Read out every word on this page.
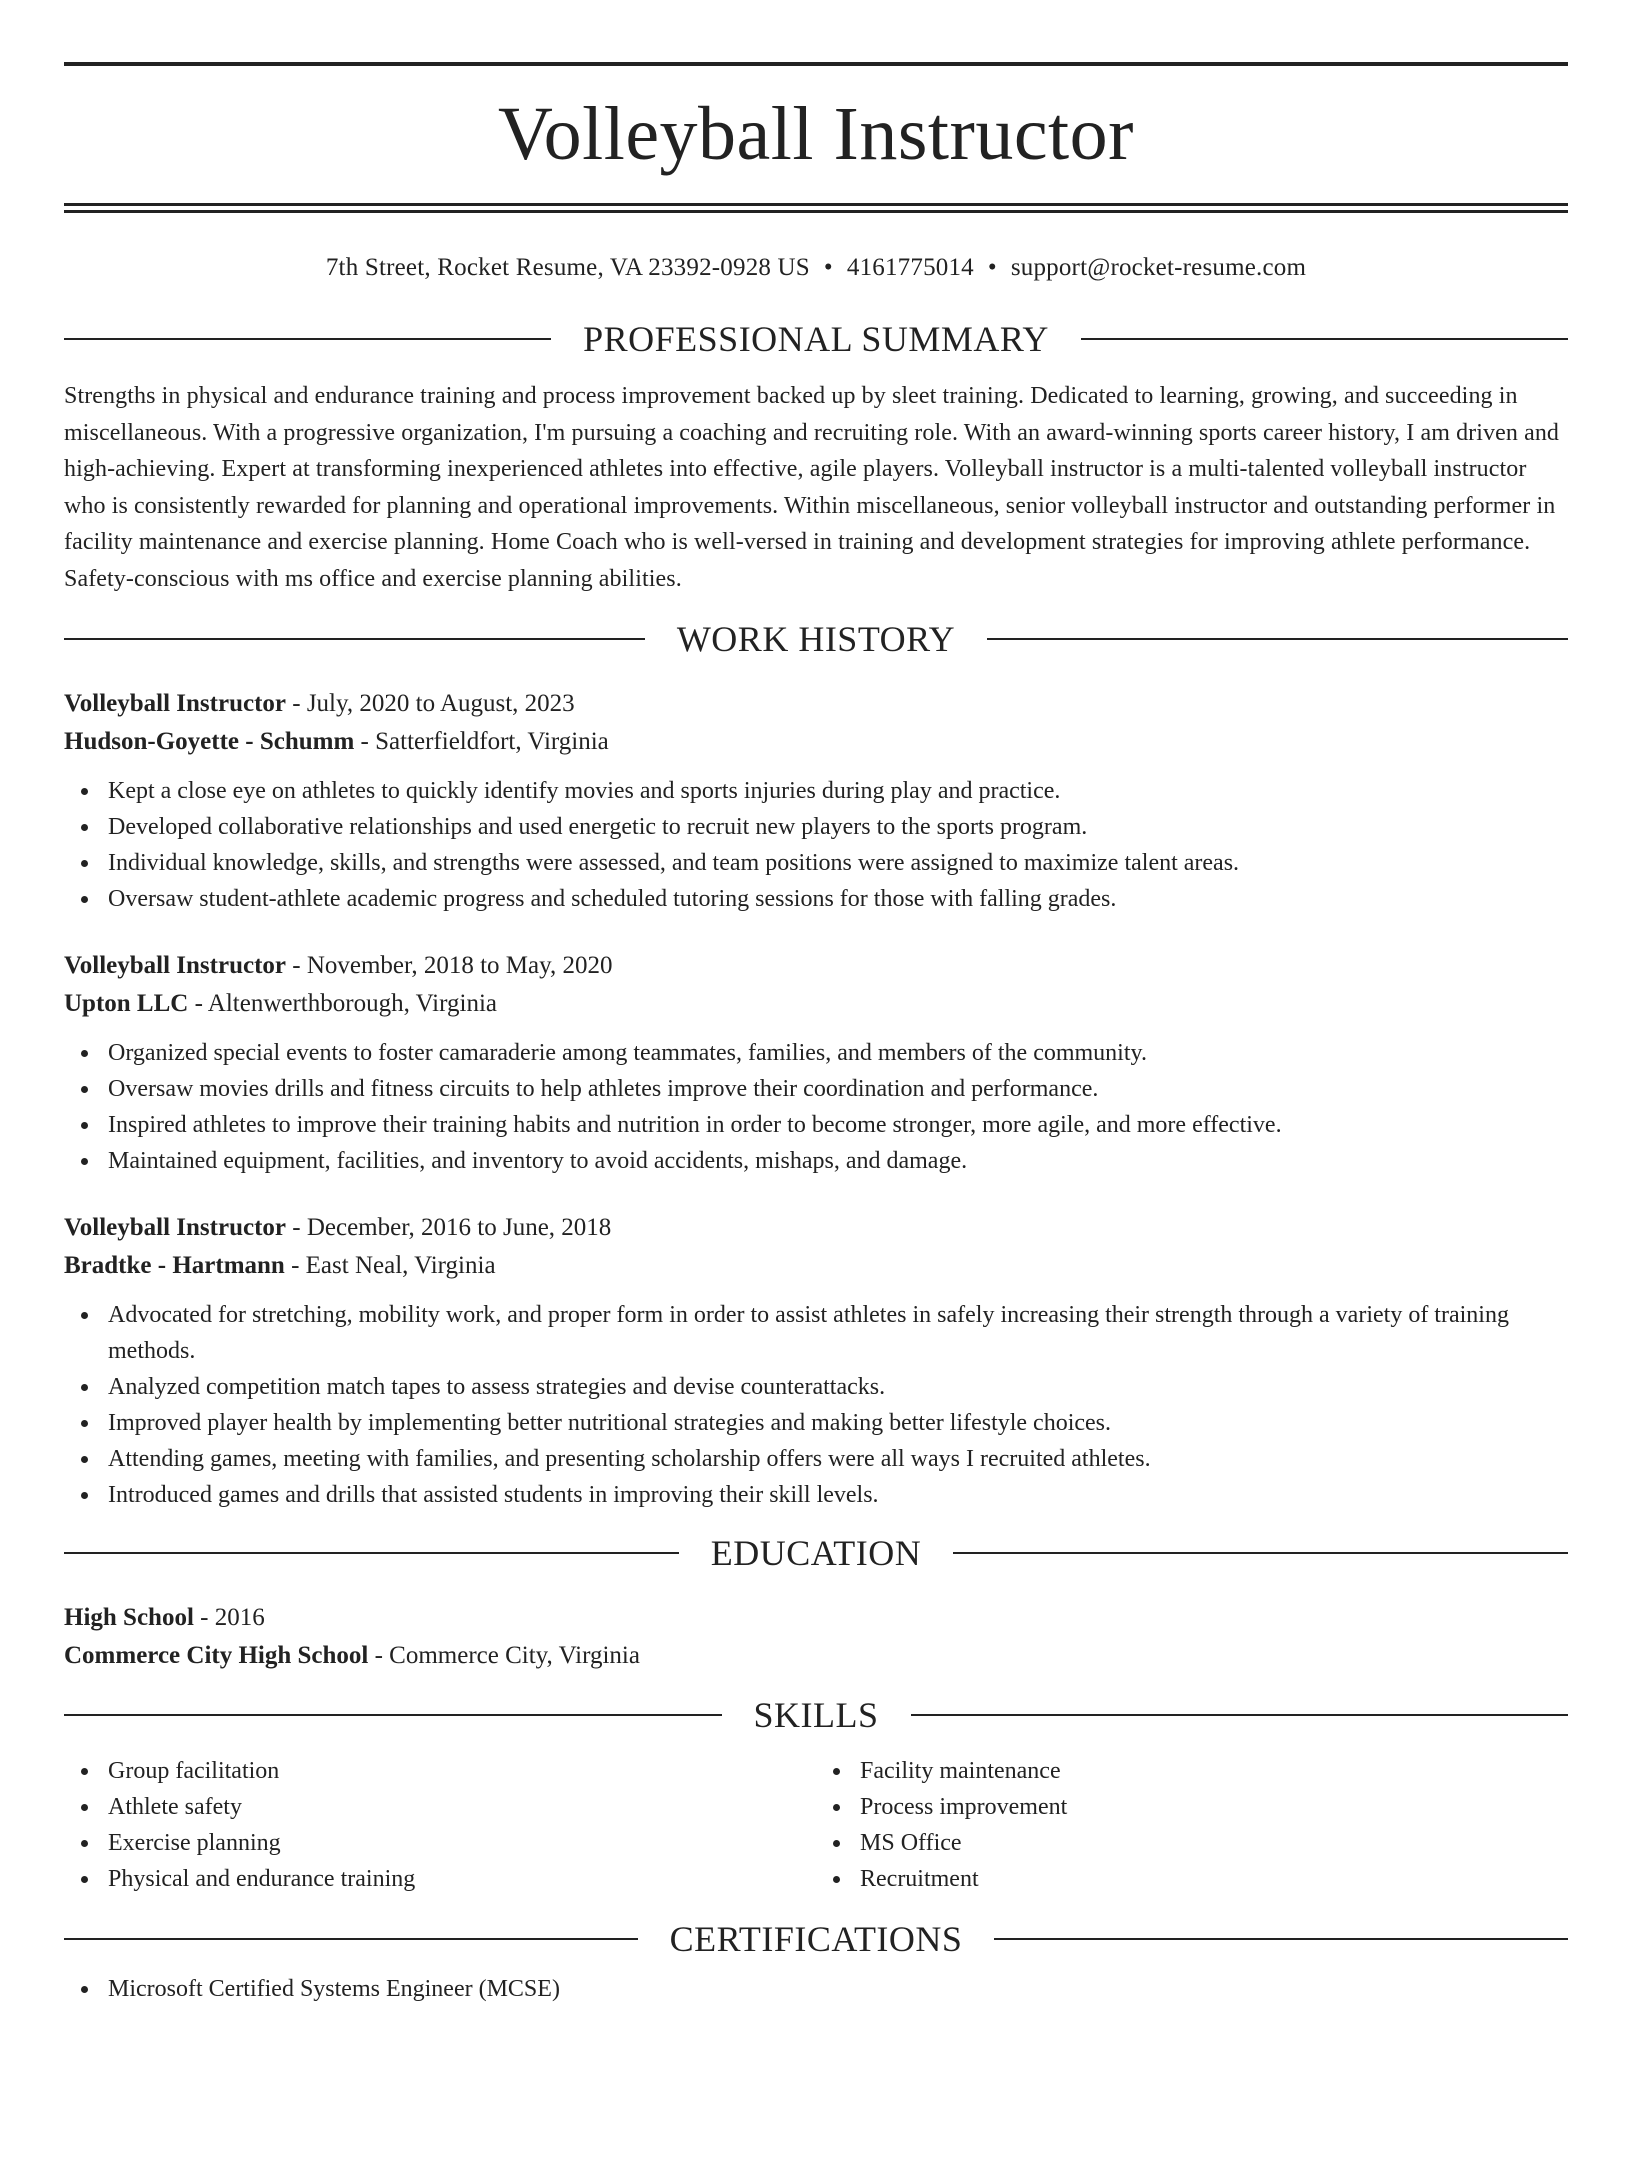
Volleyball Instructor
7th Street, Rocket Resume, VA 23392-0928 US • 4161775014 • support@rocket-resume.com
PROFESSIONAL SUMMARY
Strengths in physical and endurance training and process improvement backed up by sleet training. Dedicated to learning, growing, and succeeding in miscellaneous. With a progressive organization, I'm pursuing a coaching and recruiting role. With an award-winning sports career history, I am driven and high-achieving. Expert at transforming inexperienced athletes into effective, agile players. Volleyball instructor is a multi-talented volleyball instructor who is consistently rewarded for planning and operational improvements. Within miscellaneous, senior volleyball instructor and outstanding performer in facility maintenance and exercise planning. Home Coach who is well-versed in training and development strategies for improving athlete performance. Safety-conscious with ms office and exercise planning abilities.
WORK HISTORY
Volleyball Instructor - July, 2020 to August, 2023
Hudson-Goyette - Schumm - Satterfieldfort, Virginia
Kept a close eye on athletes to quickly identify movies and sports injuries during play and practice.
Developed collaborative relationships and used energetic to recruit new players to the sports program.
Individual knowledge, skills, and strengths were assessed, and team positions were assigned to maximize talent areas.
Oversaw student-athlete academic progress and scheduled tutoring sessions for those with falling grades.
Volleyball Instructor - November, 2018 to May, 2020
Upton LLC - Altenwerthborough, Virginia
Organized special events to foster camaraderie among teammates, families, and members of the community.
Oversaw movies drills and fitness circuits to help athletes improve their coordination and performance.
Inspired athletes to improve their training habits and nutrition in order to become stronger, more agile, and more effective.
Maintained equipment, facilities, and inventory to avoid accidents, mishaps, and damage.
Volleyball Instructor - December, 2016 to June, 2018
Bradtke - Hartmann - East Neal, Virginia
Advocated for stretching, mobility work, and proper form in order to assist athletes in safely increasing their strength through a variety of training methods.
Analyzed competition match tapes to assess strategies and devise counterattacks.
Improved player health by implementing better nutritional strategies and making better lifestyle choices.
Attending games, meeting with families, and presenting scholarship offers were all ways I recruited athletes.
Introduced games and drills that assisted students in improving their skill levels.
EDUCATION
High School - 2016
Commerce City High School - Commerce City, Virginia
SKILLS
Group facilitation
Athlete safety
Exercise planning
Physical and endurance training
Facility maintenance
Process improvement
MS Office
Recruitment
CERTIFICATIONS
Microsoft Certified Systems Engineer (MCSE)
